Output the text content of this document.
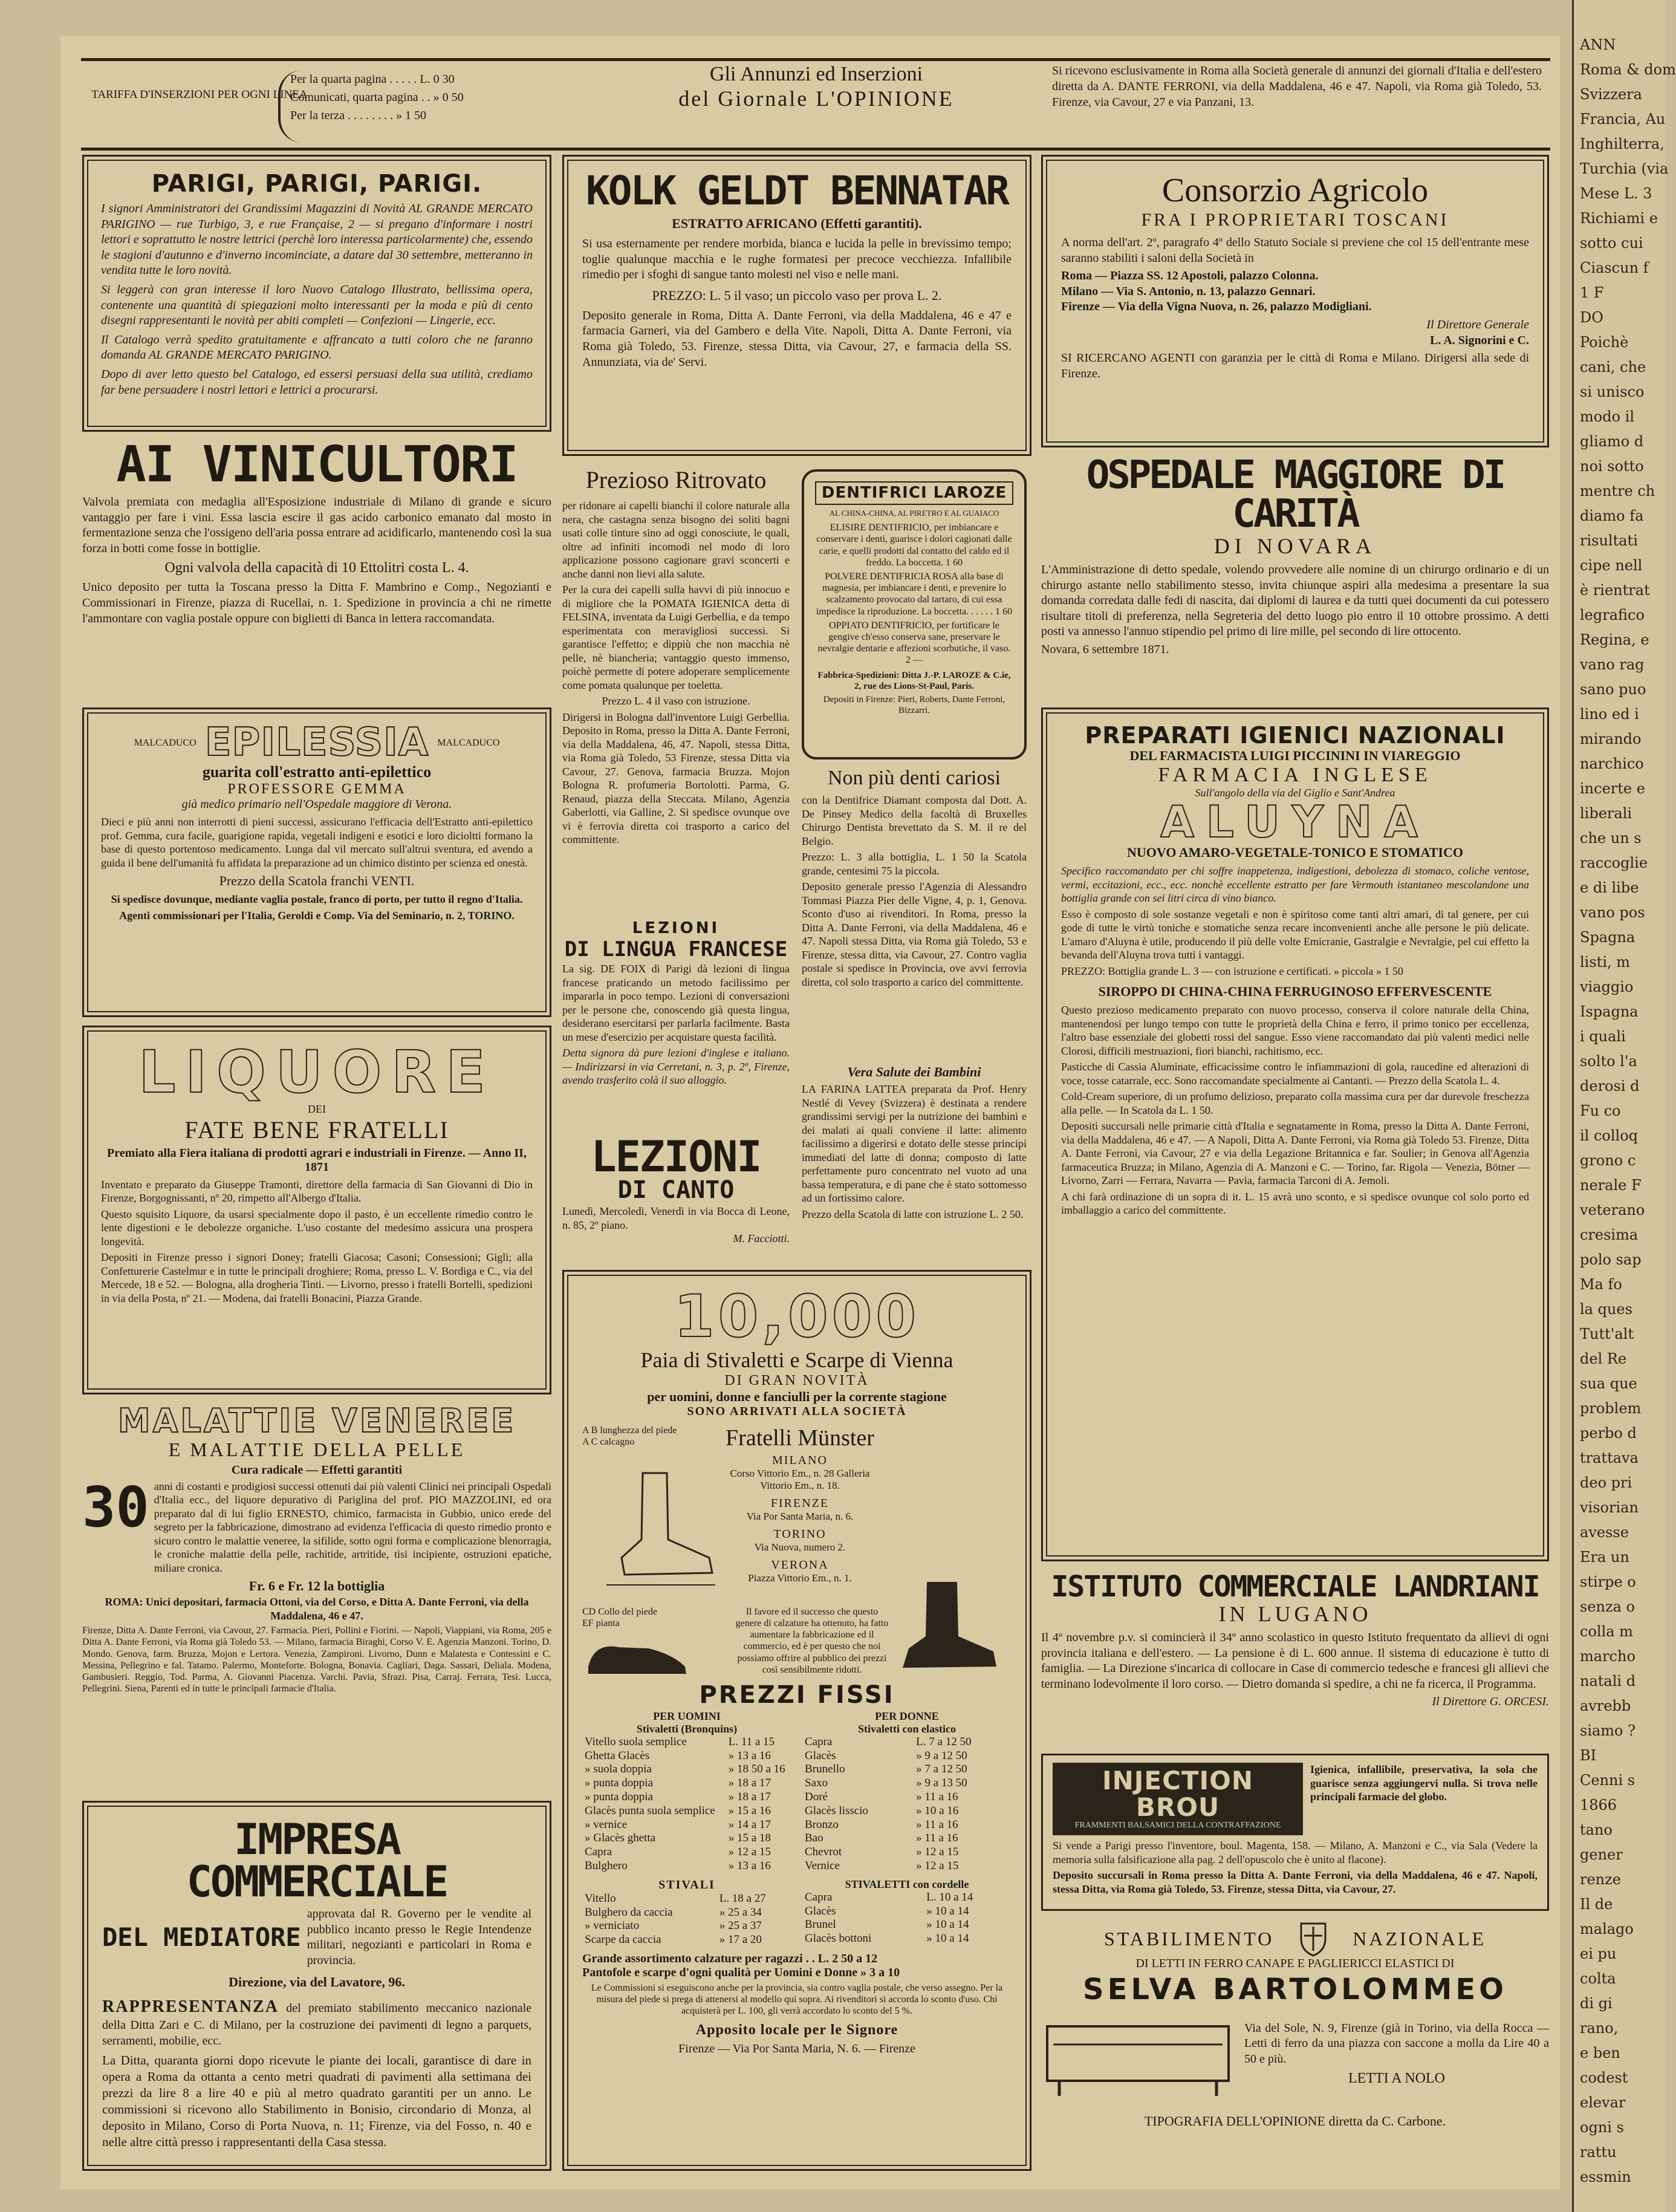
TARIFFA D'INSERZIONI PER OGNI LINEA
Per la quarta pagina . . . . . L. 0 30
Comunicati, quarta pagina . . » 0 50
Per la terza . . . . . . . . » 1 50
Gli Annunzi ed Inserzioni
del Giornale L'OPINIONE
Si ricevono esclusivamente in Roma alla Società generale di annunzi dei giornali d'Italia e dell'estero diretta da A. DANTE FERRONI, via della Maddalena, 46 e 47. Napoli, via Roma già Toledo, 53. Firenze, via Cavour, 27 e via Panzani, 13.
PARIGI, PARIGI, PARIGI.
I signori Amministratori dei Grandissimi Magazzini di Novità AL GRANDE MERCATO PARIGINO — rue Turbigo, 3, e rue Française, 2 — si pregano d'informare i nostri lettori e soprattutto le nostre lettrici (perchè loro interessa particolarmente) che, essendo le stagioni d'autunno e d'inverno incominciate, a datare dal 30 settembre, metteranno in vendita tutte le loro novità.
Si leggerà con gran interesse il loro Nuovo Catalogo Illustrato, bellissima opera, contenente una quantità di spiegazioni molto interessanti per la moda e più di cento disegni rappresentanti le novità per abiti completi — Confezioni — Lingerie, ecc.
Il Catalogo verrà spedito gratuitamente e affrancato a tutti coloro che ne faranno domanda AL GRANDE MERCATO PARIGINO.
Dopo di aver letto questo bel Catalogo, ed essersi persuasi della sua utilità, crediamo far bene persuadere i nostri lettori e lettrici a procurarsi.
AI VINICULTORI
Valvola premiata con medaglia all'Esposizione industriale di Milano di grande e sicuro vantaggio per fare i vini. Essa lascia escire il gas acido carbonico emanato dal mosto in fermentazione senza che l'ossigeno dell'aria possa entrare ad acidificarlo, mantenendo così la sua forza in botti come fosse in bottiglie.
Ogni valvola della capacità di 10 Ettolitri costa L. 4.
Unico deposito per tutta la Toscana presso la Ditta F. Mambrino e Comp., Negozianti e Commissionari in Firenze, piazza di Rucellai, n. 1. Spedizione in provincia a chi ne rimette l'ammontare con vaglia postale oppure con biglietti di Banca in lettera raccomandata.
MALCADUCO EPILESSIA MALCADUCO
guarita coll'estratto anti-epilettico
PROFESSORE GEMMA
già medico primario nell'Ospedale maggiore di Verona.
Dieci e più anni non interrotti di pieni successi, assicurano l'efficacia dell'Estratto anti-epilettico prof. Gemma, cura facile, guarigione rapida, vegetali indigeni e esotici e loro dicioltti formano la base di questo portentoso medicamento. Lunga dal vil mercato sull'altrui sventura, ed avendo a guida il bene dell'umanità fu affidata la preparazione ad un chimico distinto per scienza ed onestà.
Prezzo della Scatola franchi VENTI.
Si spedisce dovunque, mediante vaglia postale, franco di porto, per tutto il regno d'Italia.
Agenti commissionari per l'Italia, Geroldi e Comp. Via del Seminario, n. 2, TORINO.
LIQUORE
DEI
FATE BENE FRATELLI
Premiato alla Fiera italiana di prodotti agrari e industriali in Firenze. — Anno II, 1871
Inventato e preparato da Giuseppe Tramonti, direttore della farmacia di San Giovanni di Dio in Firenze, Borgognissanti, nº 20, rimpetto all'Albergo d'Italia.
Questo squisito Liquore, da usarsi specialmente dopo il pasto, è un eccellente rimedio contro le lente digestioni e le debolezze organiche. L'uso costante del medesimo assicura una prospera longevità.
Depositi in Firenze presso i signori Doney; fratelli Giacosa; Casoni; Consessioni; Gigli; alla Confetturerie Castelmur e in tutte le principali droghiere; Roma, presso L. V. Bordiga e C., via del Mercede, 18 e 52. — Bologna, alla drogheria Tinti. — Livorno, presso i fratelli Bortelli, spedizioni in via della Posta, nº 21. — Modena, dai fratelli Bonacini, Piazza Grande.
MALATTIE VENEREE
E MALATTIE DELLA PELLE
Cura radicale — Effetti garantiti
30 anni di costanti e prodigiosi successi ottenuti dai più valenti Clinici nei principali Ospedali d'Italia ecc., del liquore depurativo di Pariglina del prof. PIO MAZZOLINI, ed ora preparato dal di lui figlio ERNESTO, chimico, farmacista in Gubbio, unico erede del segreto per la fabbricazione, dimostrano ad evidenza l'efficacia di questo rimedio pronto e sicuro contro le malattie veneree, la sifilide, sotto ogni forma e complicazione blenorragia, le croniche malattie della pelle, rachitide, artritide, tisi incipiente, ostruzioni epatiche, miliare cronica.
Fr. 6 e Fr. 12 la bottiglia
ROMA: Unici depositari, farmacia Ottoni, via del Corso, e Ditta A. Dante Ferroni, via della Maddalena, 46 e 47.
Firenze, Ditta A. Dante Ferroni, via Cavour, 27. Farmacia. Pieri, Pollini e Fiorini. — Napoli, Viappiani, via Roma, 205 e Ditta A. Dante Ferroni, via Roma già Toledo 53. — Milano, farmacia Biraghi, Corso V. E. Agenzia Manzoni. Torino, D. Mondo. Genova, farm. Bruzza, Mojon e Lertora. Venezia, Zampironi. Livorno, Dunn e Malatesta e Contessini e C. Messina, Pellegrino e fal. Tatamo. Palermo, Monteforte. Bologna, Bonavia. Cagliari, Daga. Sassari, Deliala. Modena, Gambusieri. Reggio, Tod. Parma, A. Giovanni Piacenza. Varchi. Pavia, Sfrazi. Pisa, Carraj. Ferrara, Tesi. Lucca, Pellegrini. Siena, Parenti ed in tutte le principali farmacie d'Italia.
IMPRESA COMMERCIALE
DEL MEDIATORE
approvata dal R. Governo per le vendite al pubblico incanto presso le Regie Intendenze militari, negozianti e particolari in Roma e provincia.
Direzione, via del Lavatore, 96.
RAPPRESENTANZA del premiato stabilimento meccanico nazionale della Ditta Zari e C. di Milano, per la costruzione dei pavimenti di legno a parquets, serramenti, mobilie, ecc.
La Ditta, quaranta giorni dopo ricevute le piante dei locali, garantisce di dare in opera a Roma da ottanta a cento metri quadrati di pavimenti alla settimana dei prezzi da lire 8 a lire 40 e più al metro quadrato garantiti per un anno. Le commissioni si ricevono allo Stabilimento in Bonisio, circondario di Monza, al deposito in Milano, Corso di Porta Nuova, n. 11; Firenze, via del Fosso, n. 40 e nelle altre città presso i rappresentanti della Casa stessa.
KOLK GELDT BENNATAR
ESTRATTO AFRICANO (Effetti garantiti).
Si usa esternamente per rendere morbida, bianca e lucida la pelle in brevissimo tempo; toglie qualunque macchia e le rughe formatesi per precoce vecchiezza. Infallibile rimedio per i sfoghi di sangue tanto molesti nel viso e nelle mani.
PREZZO: L. 5 il vaso; un piccolo vaso per prova L. 2.
Deposito generale in Roma, Ditta A. Dante Ferroni, via della Maddalena, 46 e 47 e farmacia Garneri, via del Gambero e della Vite. Napoli, Ditta A. Dante Ferroni, via Roma già Toledo, 53. Firenze, stessa Ditta, via Cavour, 27, e farmacia della SS. Annunziata, via de' Servi.
Prezioso Ritrovato
per ridonare ai capelli bianchi il colore naturale alla nera, che castagna senza bisogno dei soliti bagni usati colle tinture sino ad oggi conosciute, le quali, oltre ad infiniti incomodi nel modo di loro applicazione possono cagionare gravi sconcerti e anche danni non lievi alla salute.
Per la cura dei capelli sulla havvi di più innocuo e di migliore che la POMATA IGIENICA detta di FELSINA, inventata da Luigi Gerbellia, e da tempo esperimentata con meravigliosi successi. Si garantisce l'effetto; e dippiù che non macchia nè pelle, nè biancheria; vantaggio questo immenso, poichè permette di potere adoperare semplicemente come pomata qualunque per toeletta.
Prezzo L. 4 il vaso con istruzione.
Dirigersi in Bologna dall'inventore Luigi Gerbellia. Deposito in Roma, presso la Ditta A. Dante Ferroni, via della Maddalena, 46, 47. Napoli, stessa Ditta, via Roma già Toledo, 53 Firenze, stessa Ditta via Cavour, 27. Genova, farmacia Bruzza. Mojon Bologna R. profumeria Bortolotti. Parma, G. Renaud, piazza della Steccata. Milano, Agenzia Gaberlotti, via Galline, 2. Si spedisce ovunque ove vi è ferrovia diretta coi trasporto a carico del committente.
DENTIFRICI LAROZE
AL CHINA-CHINA, AL PIRETRO E AL GUAIACO
ELISIRE DENTIFRICIO, per imbiancare e conservare i denti, guarisce i dolori cagionati dalle carie, e quelli prodotti dal contatto del caldo ed il freddo. La boccetta. 1 60
POLVERE DENTIFRICIA ROSA alla base di magnesia, per imbiancare i denti, e prevenire lo scalzamento provocato dal tartaro, di cui essa impedisce la riproduzione. La boccetta. . . . . . 1 60
OPPIATO DENTIFRICIO, per fortificare le gengive ch'esso conserva sane, preservare le nevralgie dentarie e affezioni scorbutiche, il vaso. 2 —
Fabbrica-Spedizioni: Ditta J.-P. LAROZE & C.ie, 2, rue des Lions-St-Paul, Paris.
Depositi in Firenze: Pieri, Roberts, Dante Ferroni, Bizzarri.
Non più denti cariosi
con la Dentifrice Diamant composta dal Dott. A. De Pinsey Medico della facoltà di Bruxelles Chirurgo Dentista brevettato da S. M. il re del Belgio.
Prezzo: L. 3 alla bottiglia, L. 1 50 la Scatola grande, centesimi 75 la piccola.
Deposito generale presso l'Agenzia di Alessandro Tommasi Piazza Pier delle Vigne, 4, p. 1, Genova. Sconto d'uso ai rivenditori. In Roma, presso la Ditta A. Dante Ferroni, via della Maddalena, 46 e 47. Napoli stessa Ditta, via Roma già Toledo, 53 e Firenze, stessa ditta, via Cavour, 27. Contro vaglia postale si spedisce in Provincia, ove avvi ferrovia diretta, col solo trasporto a carico del committente.
LEZIONI
DI LINGUA FRANCESE
La sig. DE FOIX di Parigi dà lezioni di lingua francese praticando un metodo facilissimo per impararla in poco tempo. Lezioni di conversazioni per le persone che, conoscendo già questa lingua, desiderano esercitarsi per parlarla facilmente. Basta un mese d'esercizio per acquistare questa facilità.
Detta signora dà pure lezioni d'inglese e italiano. — Indirizzarsi in via Cerretani, n. 3, p. 2º, Firenze, avendo trasferito colà il suo alloggio.
Vera Salute dei Bambini
LA FARINA LATTEA preparata da Prof. Henry Nestlé di Vevey (Svizzera) è destinata a rendere grandissimi servigi per la nutrizione dei bambini e dei malati ai quali conviene il latte: alimento facilissimo a digerirsi e dotato delle stesse principi immediati del latte di donna; composto di latte perfettamente puro concentrato nel vuoto ad una bassa temperatura, e di pane che è stato sottomesso ad un fortissimo calore.
Prezzo della Scatola di latte con istruzione L. 2 50.
LEZIONI
DI CANTO
Lunedì, Mercoledì, Venerdì in via Bocca di Leone, n. 85, 2º piano.
M. Facciotti.
10,000
Paia di Stivaletti e Scarpe di Vienna
DI GRAN NOVITÀ
per uomini, donne e fanciulli per la corrente stagione
SONO ARRIVATI ALLA SOCIETÀ
A B lunghezza del piede
A C calcagno
CD Collo del piede
EF pianta
Fratelli Münster
MILANO
Corso Vittorio Em., n. 28 Galleria Vittorio Em., n. 18.
FIRENZE
Via Por Santa Maria, n. 6.
TORINO
Via Nuova, numero 2.
VERONA
Piazza Vittorio Em., n. 1.
Il favore ed il successo che questo genere di calzature ha ottenuto, ha fatto aumentare la fabbricazione ed il commercio, ed è per questo che noi possiamo offrire al pubblico dei prezzi così sensibilmente ridotti.
PREZZI FISSI
PER UOMINI
Stivaletti (Bronquins)
Vitello suola semplice	L. 11 a 15
Ghetta Glacès	» 13 a 16
» suola doppia	» 18 50 a 16
» punta doppia	» 18 a 17
» punta doppia	» 18 a 17
Glacès punta suola semplice	» 15 a 16
» vernice	» 14 a 17
» Glacès ghetta	» 15 a 18
Capra	» 12 a 15
Bulghero	» 13 a 16
STIVALI
Vitello	L. 18 a 27
Bulghero da caccia	» 25 a 34
» verniciato	» 25 a 37
Scarpe da caccia	» 17 a 20
PER DONNE
Stivaletti con elastico
Capra	L. 7 a 12 50
Glacès	» 9 a 12 50
Brunello	» 7 a 12 50
Saxo	» 9 a 13 50
Doré	» 11 a 16
Glacès lisscio	» 10 a 16
Bronzo	» 11 a 16
Bao	» 11 a 16
Chevrot	» 12 a 15
Vernice	» 12 a 15
STIVALETTI con cordelle
Capra	L. 10 a 14
Glacès	» 10 a 14
Brunel	» 10 a 14
Glacès bottoni	» 10 a 14
Grande assortimento calzature per ragazzi . . L. 2 50 a 12
Pantofole e scarpe d'ogni qualità per Uomini e Donne » 3 a 10
Le Commissioni si eseguiscono anche per la provincia, sia contro vaglia postale, che verso assegno. Per la misura del piede si prega di attenersi al modello qui sopra. Ai rivenditori si accorda lo sconto d'uso. Chi acquisterà per L. 100, gli verrà accordato lo sconto del 5 %.
Apposito locale per le Signore
Firenze — Via Por Santa Maria, N. 6. — Firenze
Consorzio Agricolo
FRA I PROPRIETARI TOSCANI
A norma dell'art. 2º, paragrafo 4º dello Statuto Sociale si previene che col 15 dell'entrante mese saranno stabiliti i saloni della Società in
Roma — Piazza SS. 12 Apostoli, palazzo Colonna.
Milano — Via S. Antonio, n. 13, palazzo Gennari.
Firenze — Via della Vigna Nuova, n. 26, palazzo Modigliani.
Il Direttore Generale
L. A. Signorini e C.
SI RICERCANO AGENTI con garanzia per le città di Roma e Milano. Dirigersi alla sede di Firenze.
OSPEDALE MAGGIORE DI CARITÀ
DI NOVARA
L'Amministrazione di detto spedale, volendo provvedere alle nomine di un chirurgo ordinario e di un chirurgo astante nello stabilimento stesso, invita chiunque aspiri alla medesima a presentare la sua domanda corredata dalle fedi di nascita, dai diplomi di laurea e da tutti quei documenti da cui potessero risultare titoli di preferenza, nella Segreteria del detto luogo pio entro il 10 ottobre prossimo. A detti posti va annesso l'annuo stipendio pel primo di lire mille, pel secondo di lire ottocento.
Novara, 6 settembre 1871.
PREPARATI IGIENICI NAZIONALI
DEL FARMACISTA LUIGI PICCININI IN VIAREGGIO
FARMACIA INGLESE
Sull'angolo della via del Giglio e Sant'Andrea
ALUYNA
NUOVO AMARO-VEGETALE-TONICO E STOMATICO
Specifico raccomandato per chi soffre inappetenza, indigestioni, debolezza di stomaco, coliche ventose, vermi, eccitazioni, ecc., ecc. nonchè eccellente estratto per fare Vermouth istantaneo mescolandone una bottiglia grande con sei litri circa di vino bianco.
Esso è composto di sole sostanze vegetali e non è spiritoso come tanti altri amari, di tal genere, per cui gode di tutte le virtù toniche e stomatiche senza recare inconvenienti anche alle persone le più delicate. L'amaro d'Aluyna è utile, producendo il più delle volte Emicranie, Gastralgie e Nevralgie, pel cui effetto la bevanda dell'Aluyna trova tutti i vantaggi.
PREZZO: Bottiglia grande L. 3 — con istruzione e certificati. » piccola » 1 50
SIROPPO DI CHINA-CHINA FERRUGINOSO EFFERVESCENTE
Questo prezioso medicamento preparato con nuovo processo, conserva il colore naturale della China, mantenendosi per lungo tempo con tutte le proprietà della China e ferro, il primo tonico per eccellenza, l'altro base essenziale dei globetti rossi del sangue. Esso viene raccomandato dai più valenti medici nelle Clorosi, difficili mestruazioni, fiori bianchi, rachitismo, ecc.
Pasticche di Cassia Aluminate, efficacissime contro le infiammazioni di gola, raucedine ed alterazioni di voce, tosse catarrale, ecc. Sono raccomandate specialmente ai Cantanti. — Prezzo della Scatola L. 4.
Cold-Cream superiore, di un profumo delizioso, preparato colla massima cura per dar durevole freschezza alla pelle. — In Scatola da L. 1 50.
Depositi succursali nelle primarie città d'Italia e segnatamente in Roma, presso la Ditta A. Dante Ferroni, via della Maddalena, 46 e 47. — A Napoli, Ditta A. Dante Ferroni, via Roma già Toledo 53. Firenze, Ditta A. Dante Ferroni, via Cavour, 27 e via della Legazione Britannica e far. Soulier; in Genova all'Agenzia farmaceutica Bruzza; in Milano, Agenzia di A. Manzoni e C. — Torino, far. Rigola — Venezia, Bötner — Livorno, Zarri — Ferrara, Navarra — Pavia, farmacia Tarconi di A. Jemoli.
A chi farà ordinazione di un sopra di it. L. 15 avrà uno sconto, e si spedisce ovunque col solo porto ed imballaggio a carico del committente.
ISTITUTO COMMERCIALE LANDRIANI
IN LUGANO
Il 4º novembre p.v. si comincierà il 34º anno scolastico in questo Istituto frequentato da allievi di ogni provincia italiana e dell'estero. — La pensione è di L. 600 annue. Il sistema di educazione è tutto di famiglia. — La Direzione s'incarica di collocare in Case di commercio tedesche e francesi gli allievi che terminano lodevolmente il loro corso. — Dietro domanda si spedire, a chi ne fa ricerca, il Programma.
Il Direttore G. ORCESI.
INJECTION BROU
FRAMMENTI BALSAMICI DELLA CONTRAFFAZIONE
Igienica, infallibile, preservativa, la sola che guarisce senza aggiungervi nulla. Si trova nelle principali farmacie del globo.
Si vende a Parigi presso l'inventore, boul. Magenta, 158. — Milano, A. Manzoni e C., via Sala (Vedere la memoria sulla falsificazione alla pag. 2 dell'opuscolo che è unito al flacone).
Deposito succursali in Roma presso la Ditta A. Dante Ferroni, via della Maddalena, 46 e 47. Napoli, stessa Ditta, via Roma già Toledo, 53. Firenze, stessa Ditta, via Cavour, 27.
STABILIMENTO	NAZIONALE
DI LETTI IN FERRO CANAPE E PAGLIERICCI ELASTICI DI
SELVA BARTOLOMMEO
Via del Sole, N. 9, Firenze (già in Torino, via della Rocca — Letti di ferro da una piazza con saccone a molla da Lire 40 a 50 e più.
LETTI A NOLO
TIPOGRAFIA DELL'OPINIONE diretta da C. Carbone.
ANN
Roma & dom
Svizzera
Francia, Au
Inghilterra,
Turchia (via
Mese L. 3
Richiami e
sotto cui
Ciascun f
1 F
DO
Poichè
cani, che
si unisco
modo il
gliamo d
noi sotto
mentre ch
diamo fa
risultati
cipe nell
è rientrat
legrafico
Regina, e
vano rag
sano puo
lino ed i
mirando
narchico
incerte e
liberali
che un s
raccoglie
e di libe
vano pos
Spagna
listi, m
viaggio
Ispagna
i quali
solto l'a
derosi d
Fu co
il colloq
grono c
nerale F
veterano
cresima
polo sap
Ma fo
la ques
Tutt'alt
del Re
sua que
problem
perbo d
trattava
deo pri
visorian
avesse
Era un
stirpe o
senza o
colla m
marcho
natali d
avrebb
siamo ?
BI
Cenni s
1866
tano
gener
renze
Il de
malago
ei pu
colta
di gi
rano,
e ben
codest
elevar
ogni s
rattu
essmin
